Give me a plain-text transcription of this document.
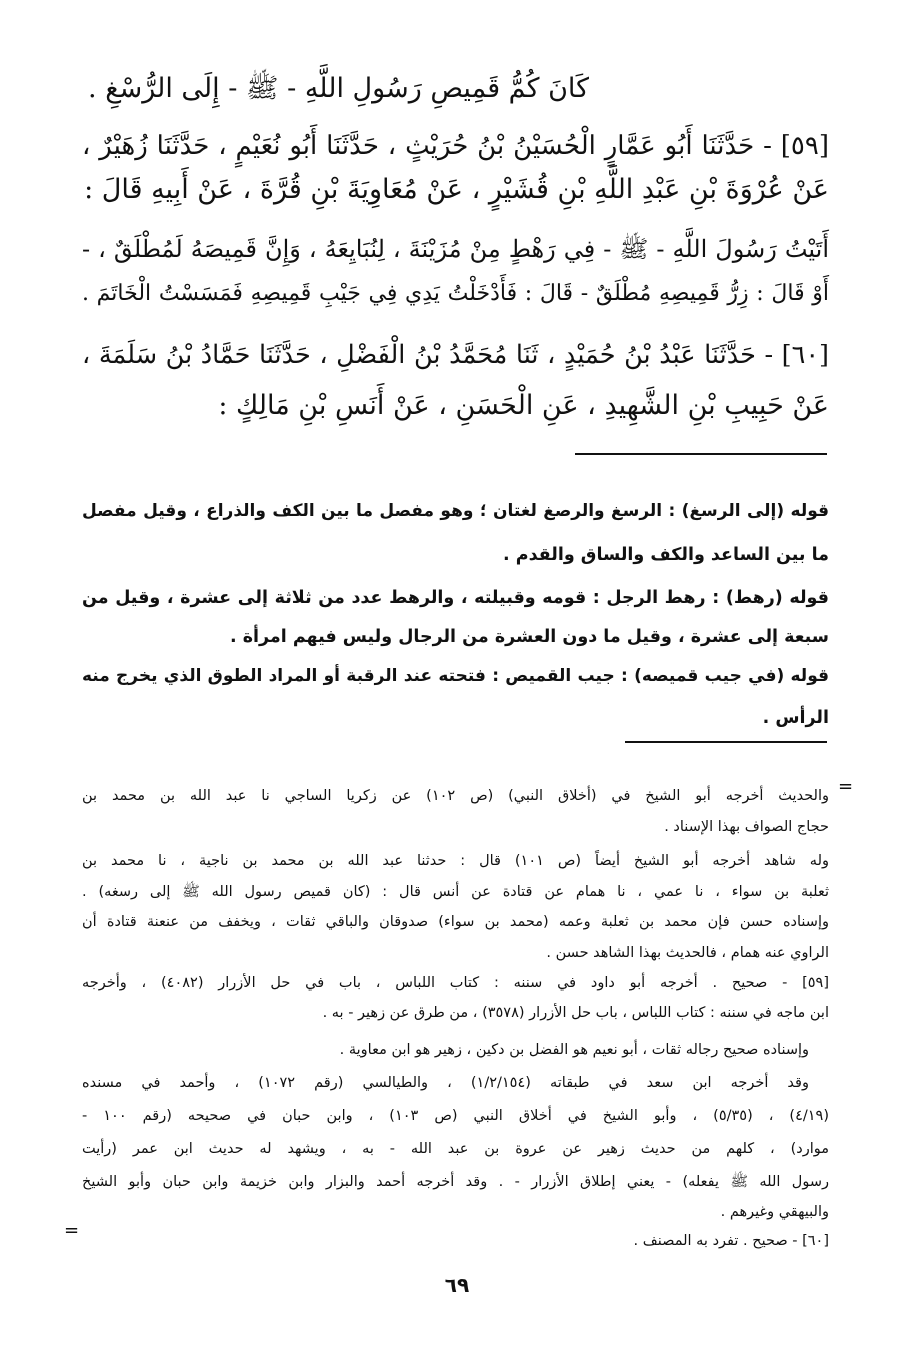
كَانَ كُمُّ قَمِيصِ رَسُولِ اللَّهِ - ﷺ - إِلَى الرُّسْغِ .

[٥٩] - حَدَّثَنَا أَبُو عَمَّارٍ الْحُسَيْنُ بْنُ حُرَيْثٍ ، حَدَّثَنَا أَبُو نُعَيْمٍ ، حَدَّثَنَا زُهَيْرٌ ،

عَنْ عُرْوَةَ بْنِ عَبْدِ اللَّهِ بْنِ قُشَيْرٍ ، عَنْ مُعَاوِيَةَ بْنِ قُرَّةَ ، عَنْ أَبِيهِ قَالَ :

أَتَيْتُ رَسُولَ اللَّهِ - ﷺ - فِي رَهْطٍ مِنْ مُزَيْنَةَ ، لِنُبَايِعَهُ ، وَإِنَّ قَمِيصَهُ لَمُطْلَقٌ ، -

أَوْ قَالَ : زِرُّ قَمِيصِهِ مُطْلَقٌ - قَالَ : فَأَدْخَلْتُ يَدِي فِي جَيْبِ قَمِيصِهِ فَمَسَسْتُ الْخَاتَمَ .

[٦٠] - حَدَّثَنَا عَبْدُ بْنُ حُمَيْدٍ ، ثَنَا مُحَمَّدُ بْنُ الْفَضْلِ ، حَدَّثَنَا حَمَّادُ بْنُ سَلَمَةَ ،

عَنْ حَبِيبِ بْنِ الشَّهِيدِ ، عَنِ الْحَسَنِ ، عَنْ أَنَسِ بْنِ مَالِكٍ :

قوله (إلى الرسغ) : الرسغ والرصغ لغتان ؛ وهو مفصل ما بين الكف والذراع ، وقيل مفصل

ما بين الساعد والكف والساق والقدم .

قوله (رهط) : رهط الرجل : قومه وقبيلته ، والرهط عدد من ثلاثة إلى عشرة ، وقيل من

سبعة إلى عشرة ، وقيل ما دون العشرة من الرجال وليس فيهم امرأة .

قوله (في جيب قميصه) : جيب القميص : فتحته عند الرقبة أو المراد الطوق الذي يخرج منه

الرأس .

والحديث أخرجه أبو الشيخ في (أخلاق النبي) (ص ١٠٢) عن زكريا الساجي نا عبد الله بن محمد بن

حجاج الصواف بهذا الإسناد .

وله شاهد أخرجه أبو الشيخ أيضاً (ص ١٠١) قال : حدثنا عبد الله بن محمد بن ناجية ، نا محمد بن

ثعلبة بن سواء ، نا عمي ، نا همام عن قتادة عن أنس قال : (كان قميص رسول الله ﷺ إلى رسغه) .

وإسناده حسن فإن محمد بن ثعلبة وعمه (محمد بن سواء) صدوقان والباقي ثقات ، ويخفف من عنعنة قتادة أن

الراوي عنه همام ، فالحديث بهذا الشاهد حسن .

[٥٩] - صحيح . أخرجه أبو داود في سننه : كتاب اللباس ، باب في حل الأزرار (٤٠٨٢) ، وأخرجه

ابن ماجه في سننه : كتاب اللباس ، باب حل الأزرار (٣٥٧٨) ، من طرق عن زهير - به .

وإسناده صحيح رجاله ثقات ، أبو نعيم هو الفضل بن دكين ، زهير هو ابن معاوية .

وقد أخرجه ابن سعد في طبقاته (١/٢/١٥٤) ، والطيالسي (رقم ١٠٧٢) ، وأحمد في مسنده

(٤/١٩) ، (٥/٣٥) ، وأبو الشيخ في أخلاق النبي (ص ١٠٣) ، وابن حبان في صحيحه (رقم ١٠٠ -

موارد) ، كلهم من حديث زهير عن عروة بن عبد الله - به ، ويشهد له حديث ابن عمر (رأيت

رسول الله ﷺ يفعله) - يعني إطلاق الأزرار - . وقد أخرجه أحمد والبزار وابن خزيمة وابن حبان وأبو الشيخ

والبيهقي وغيرهم .

[٦٠] - صحيح . تفرد به المصنف .

=
=
٦٩
